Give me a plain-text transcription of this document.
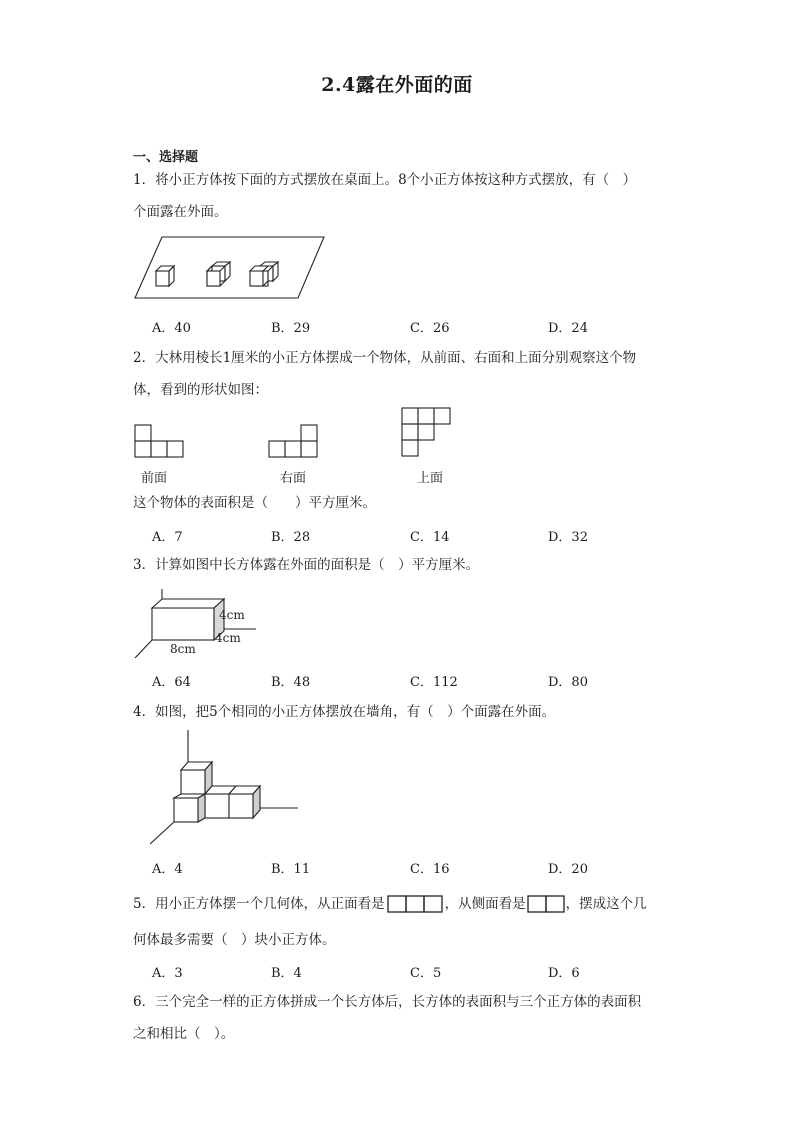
2.4露在外面的面
一、选择题
1．将小正方体按下面的方式摆放在桌面上。8个小正方体按这种方式摆放，有（　）
个面露在外面。
A．40	B．29	C．26	D．24
2．大林用棱长1厘米的小正方体摆成一个物体，从前面、右面和上面分别观察这个物
体，看到的形状如图：
前面	右面	上面
这个物体的表面积是（　　）平方厘米。
A．7	B．28	C．14	D．32
3．计算如图中长方体露在外面的面积是（　）平方厘米。
4cm
4cm
8cm
A．64	B．48	C．112	D．80
4．如图，把5个相同的小正方体摆放在墙角，有（　）个面露在外面。
A．4	B．11	C．16	D．20
5．用小正方体摆一个几何体，从正面看是	，从侧面看是	，摆成这个几
何体最多需要（　）块小正方体。
A．3	B．4	C．5	D．6
6．三个完全一样的正方体拼成一个长方体后，长方体的表面积与三个正方体的表面积
之和相比（　）。
